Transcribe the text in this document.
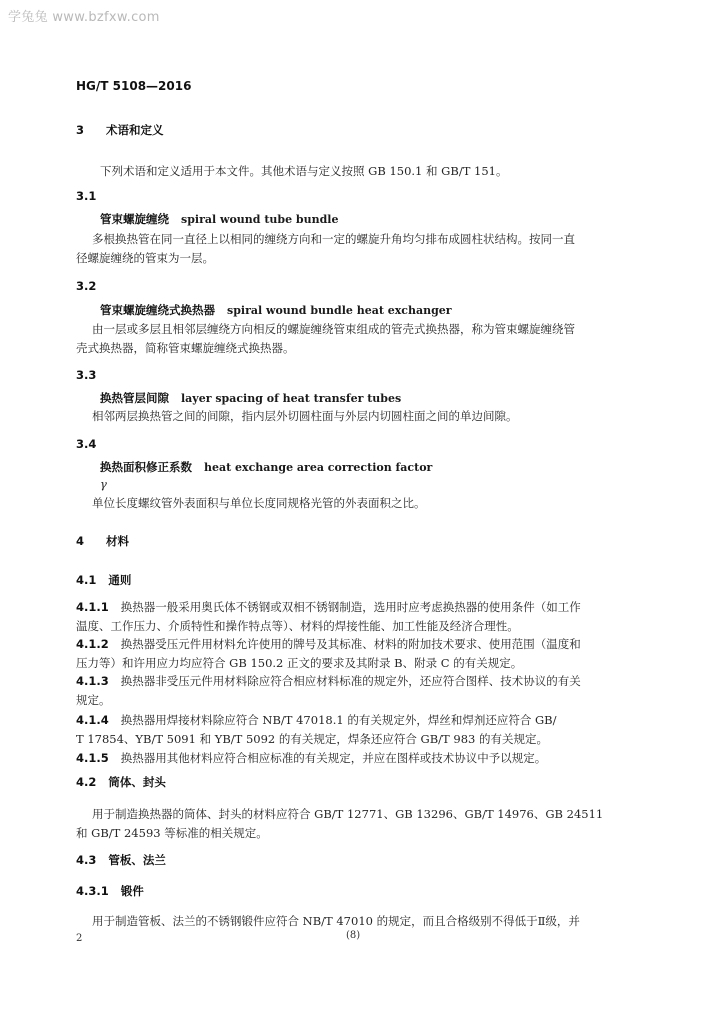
学兔兔 www.bzfxw.com
HG/T 5108—2016
3 术语和定义
下列术语和定义适用于本文件。其他术语与定义按照 GB 150.1 和 GB/T 151。
3.1
管束螺旋缠绕 spiral wound tube bundle
多根换热管在同一直径上以相同的缠绕方向和一定的螺旋升角均匀排布成圆柱状结构。按同一直
径螺旋缠绕的管束为一层。
3.2
管束螺旋缠绕式换热器 spiral wound bundle heat exchanger
由一层或多层且相邻层缠绕方向相反的螺旋缠绕管束组成的管壳式换热器，称为管束螺旋缠绕管
壳式换热器，简称管束螺旋缠绕式换热器。
3.3
换热管层间隙 layer spacing of heat transfer tubes
相邻两层换热管之间的间隙，指内层外切圆柱面与外层内切圆柱面之间的单边间隙。
3.4
换热面积修正系数 heat exchange area correction factor
γ
单位长度螺纹管外表面积与单位长度同规格光管的外表面积之比。
4 材料
4.1 通则
4.1.1 换热器一般采用奥氏体不锈钢或双相不锈钢制造，选用时应考虑换热器的使用条件（如工作
温度、工作压力、介质特性和操作特点等）、材料的焊接性能、加工性能及经济合理性。
4.1.2 换热器受压元件用材料允许使用的牌号及其标准、材料的附加技术要求、使用范围（温度和
压力等）和许用应力均应符合 GB 150.2 正文的要求及其附录 B、附录 C 的有关规定。
4.1.3 换热器非受压元件用材料除应符合相应材料标准的规定外，还应符合图样、技术协议的有关
规定。
4.1.4 换热器用焊接材料除应符合 NB/T 47018.1 的有关规定外，焊丝和焊剂还应符合 GB/
T 17854、YB/T 5091 和 YB/T 5092 的有关规定，焊条还应符合 GB/T 983 的有关规定。
4.1.5 换热器用其他材料应符合相应标准的有关规定，并应在图样或技术协议中予以规定。
4.2 筒体、封头
用于制造换热器的筒体、封头的材料应符合 GB/T 12771、GB 13296、GB/T 14976、GB 24511
和 GB/T 24593 等标准的相关规定。
4.3 管板、法兰
4.3.1 锻件
用于制造管板、法兰的不锈钢锻件应符合 NB/T 47010 的规定，而且合格级别不得低于Ⅱ级，并
2	(8)
